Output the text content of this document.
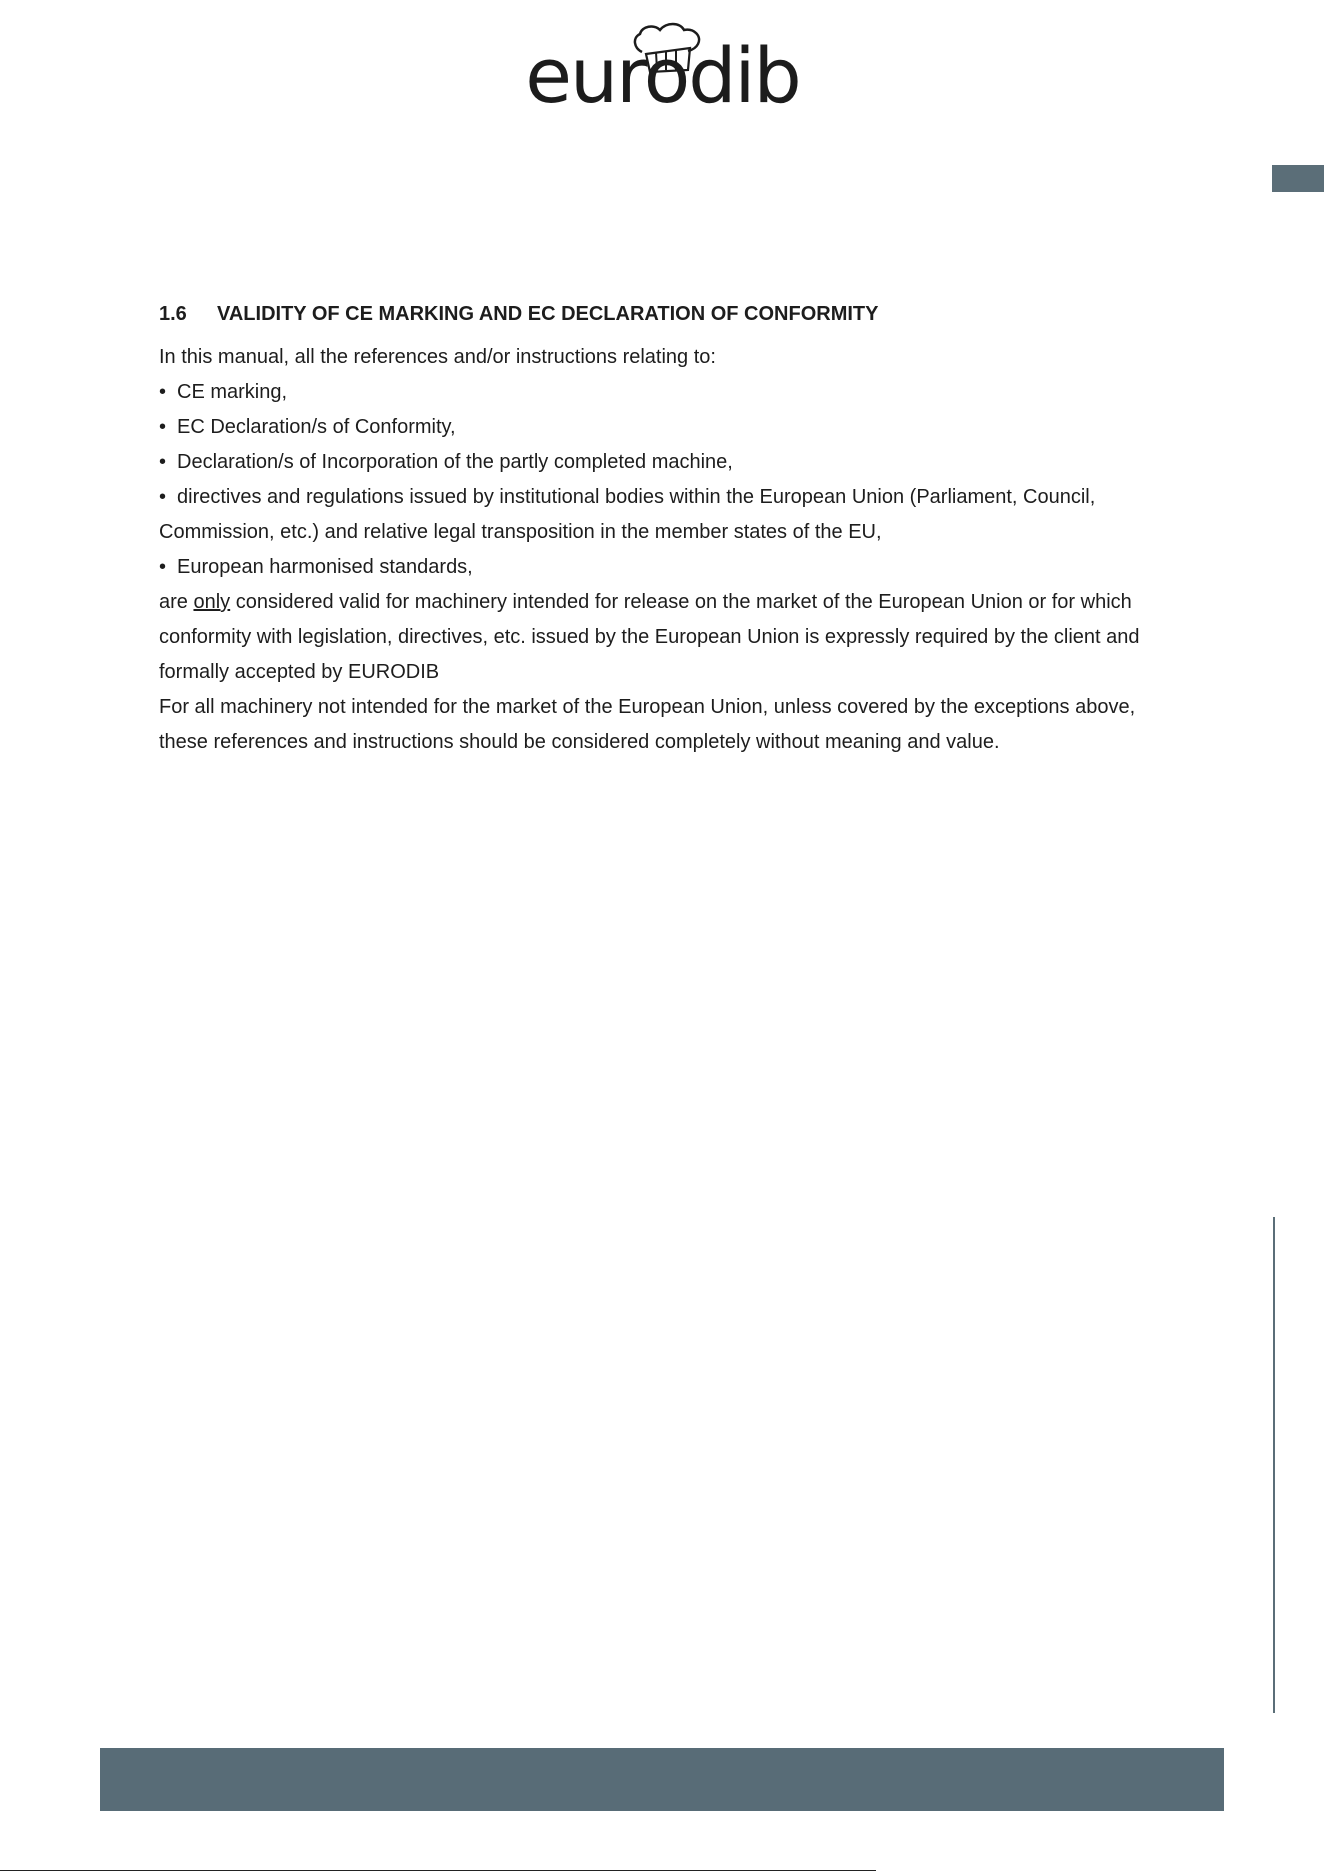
eurodib
1.6	VALIDITY OF CE MARKING AND EC DECLARATION OF CONFORMITY
In this manual, all the references and/or instructions relating to:
• CE marking,
• EC Declaration/s of Conformity,
• Declaration/s of Incorporation of the partly completed machine,
• directives and regulations issued by institutional bodies within the European Union (Parliament, Council,
Commission, etc.) and relative legal transposition in the member states of the EU,
• European harmonised standards,
are only considered valid for machinery intended for release on the market of the European Union or for which
conformity with legislation, directives, etc. issued by the European Union is expressly required by the client and
formally accepted by EURODIB
For all machinery not intended for the market of the European Union, unless covered by the exceptions above,
these references and instructions should be considered completely without meaning and value.
